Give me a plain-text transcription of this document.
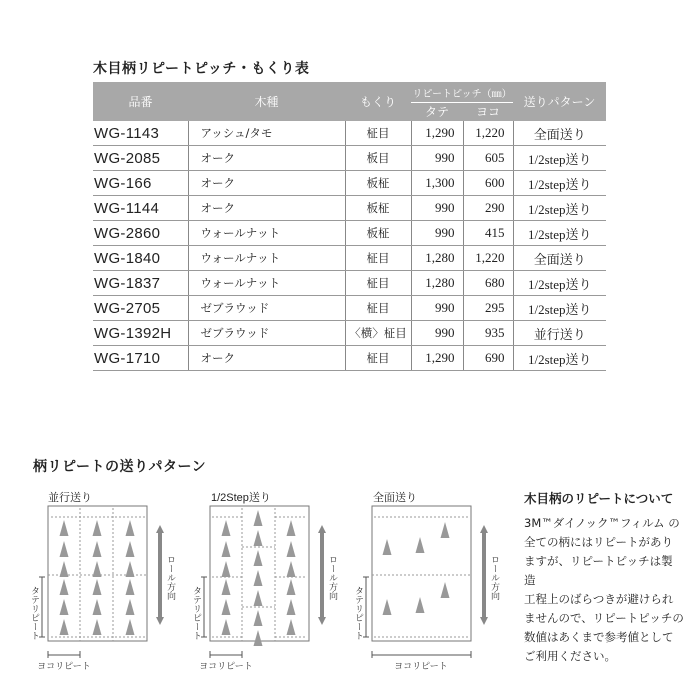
木目柄リピートピッチ・もくり表
品番	木種	もくり	リピートピッチ（㎜）		送りパターン
			タテ	ヨコ	
WG-1143	アッシュ/タモ	柾目	1,290	1,220	全面送り
WG-2085	オーク	板目	990	605	1/2step送り
WG-166	オーク	板柾	1,300	600	1/2step送り
WG-1144	オーク	板柾	990	290	1/2step送り
WG-2860	ウォールナット	板柾	990	415	1/2step送り
WG-1840	ウォールナット	柾目	1,280	1,220	全面送り
WG-1837	ウォールナット	柾目	1,280	680	1/2step送り
WG-2705	ゼブラウッド	柾目	990	295	1/2step送り
WG-1392H	ゼブラウッド	〈横〉柾目	990	935	並行送り
WG-1710	オーク	柾目	1,290	690	1/2step送り
柄リピートの送りパターン
並行送り	1/2Step送り	全面送り
ロール方向
タテリピート
ヨコリピート
ロール方向
タテリピート
ヨコリピート
ロール方向
タテリピート
ヨコリピート
木目柄のリピートについて

3M™ダイノック™フィルム の

全ての柄にはリピートがあり

ますが、リピートピッチは製造

工程上のばらつきが避けられ

ませんので、リピートピッチの

数値はあくまで参考値として

ご利用ください。
